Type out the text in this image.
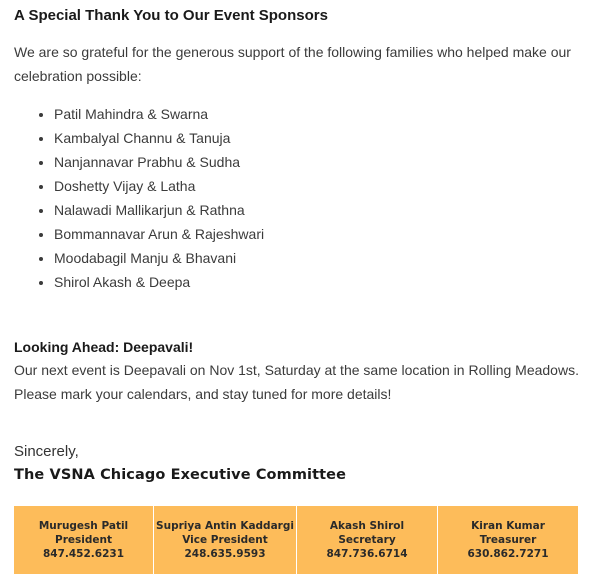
A Special Thank You to Our Event Sponsors
We are so grateful for the generous support of the following families who helped make our celebration possible:
• Patil Mahindra & Swarna
• Kambalyal Channu & Tanuja
• Nanjannavar Prabhu & Sudha
• Doshetty Vijay & Latha
• Nalawadi Mallikarjun & Rathna
• Bommannavar Arun & Rajeshwari
• Moodabagil Manju & Bhavani
• Shirol Akash & Deepa
Looking Ahead: Deepavali!
Our next event is Deepavali on Nov 1st, Saturday at the same location in Rolling Meadows. Please mark your calendars, and stay tuned for more details!
Sincerely,
The VSNA Chicago Executive Committee
Murugesh Patil
President
847.452.6231
Supriya Antin Kaddargi
Vice President
248.635.9593
Akash Shirol
Secretary
847.736.6714
Kiran Kumar
Treasurer
630.862.7271
